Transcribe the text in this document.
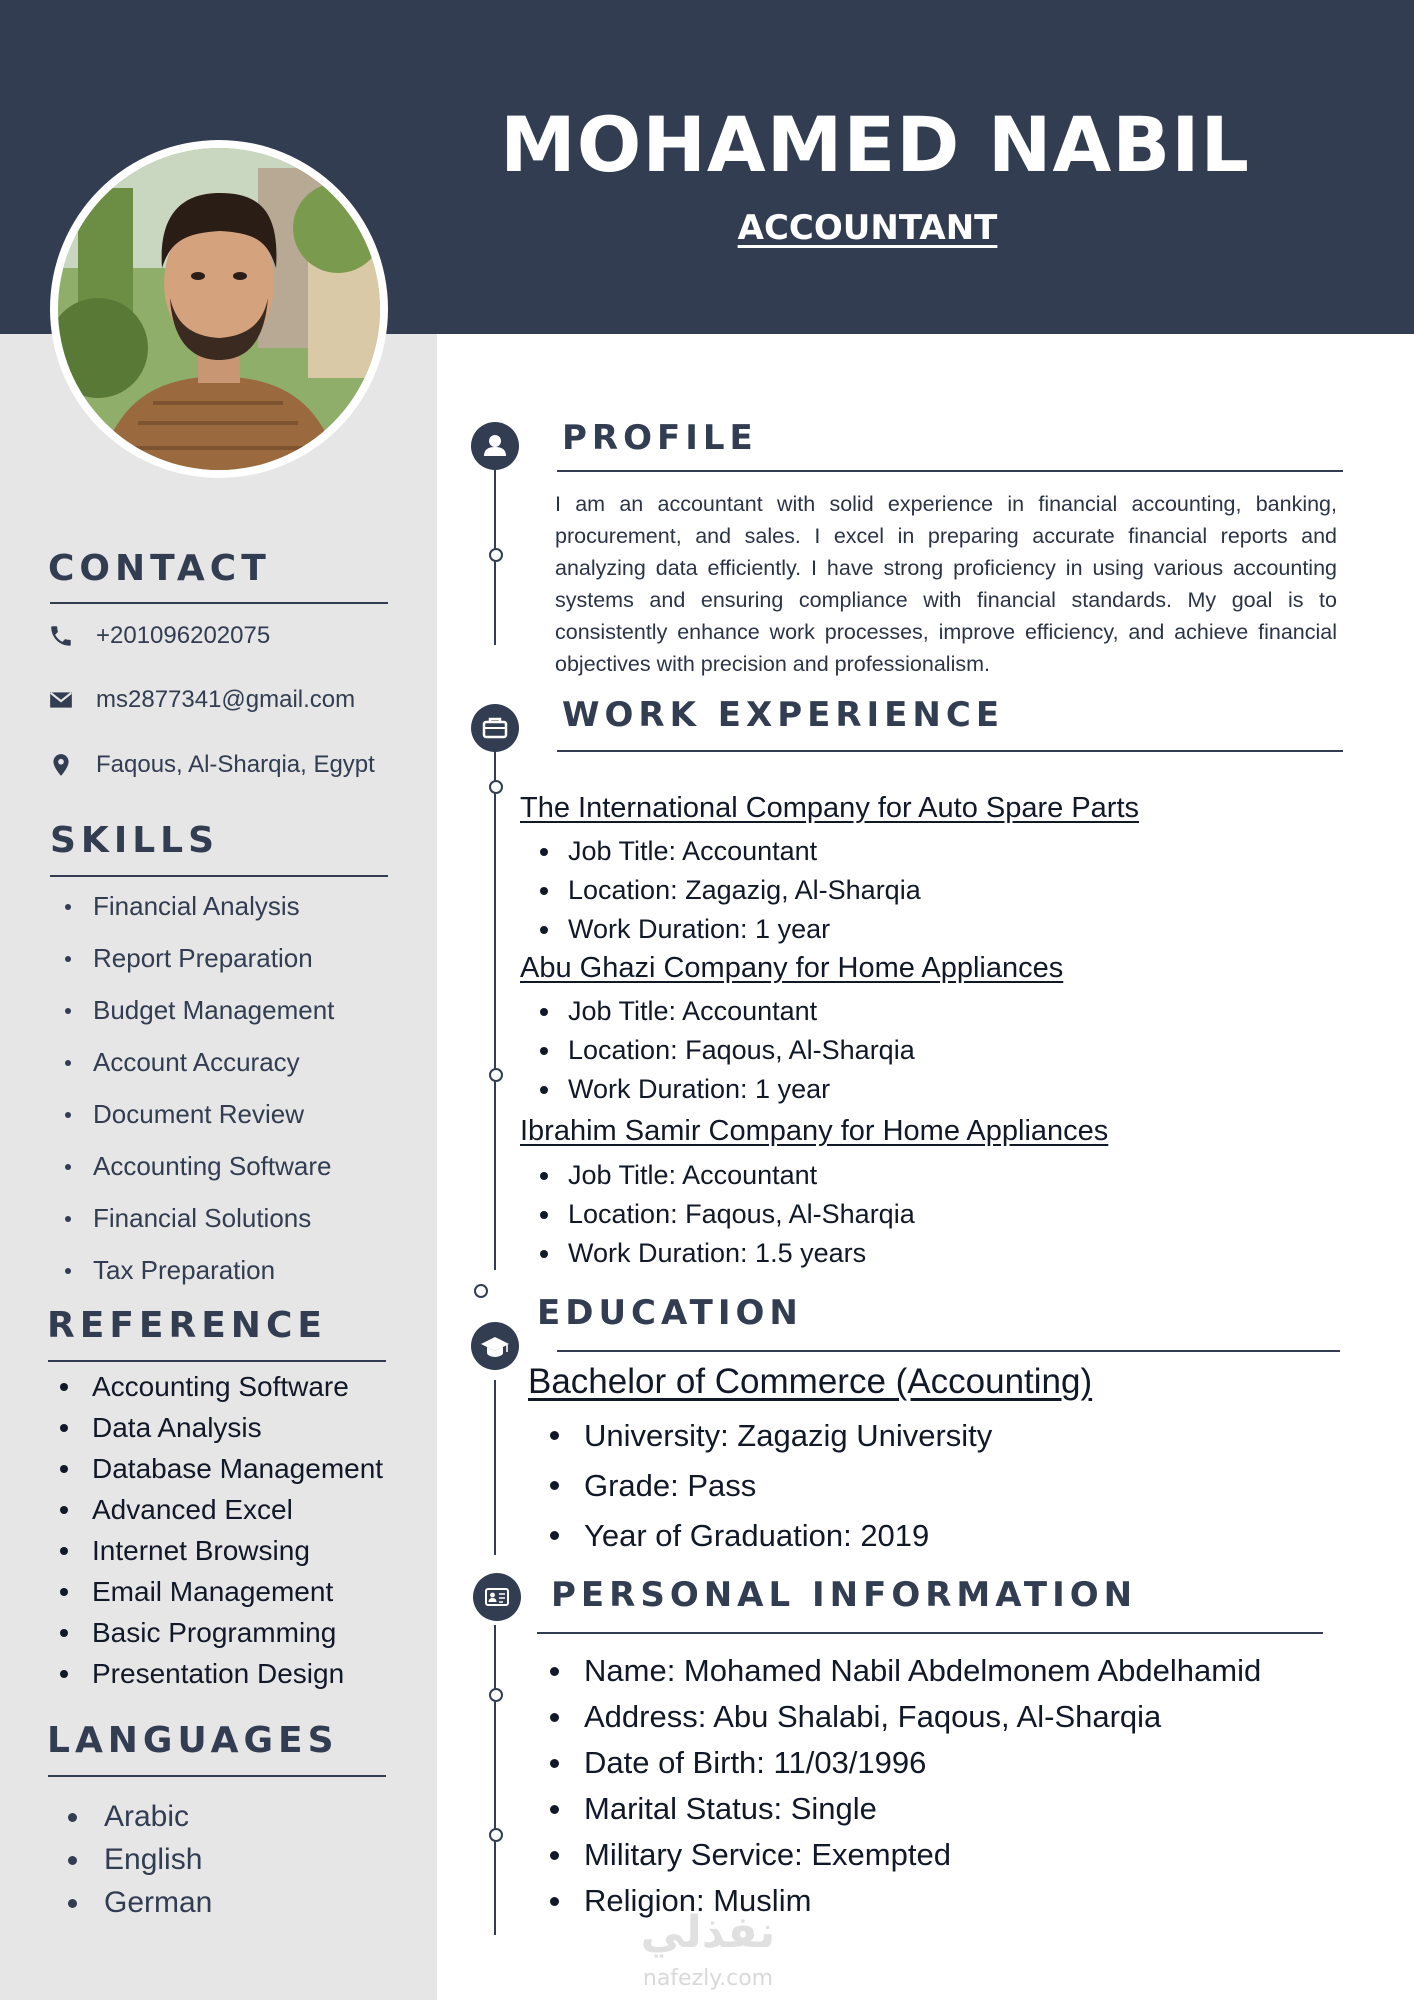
MOHAMED NABIL
ACCOUNTANT
CONTACT
+201096202075
ms2877341@gmail.com
Faqous, Al-Sharqia, Egypt
SKILLS
Financial Analysis
Report Preparation
Budget Management
Account Accuracy
Document Review
Accounting Software
Financial Solutions
Tax Preparation
REFERENCE
Accounting Software
Data Analysis
Database Management
Advanced Excel
Internet Browsing
Email Management
Basic Programming
Presentation Design
LANGUAGES
Arabic
English
German
PROFILE

I am an accountant with solid experience in financial accounting, banking, procurement, and sales. I excel in preparing accurate financial reports and analyzing data efficiently. I have strong proficiency in using various accounting systems and ensuring compliance with financial standards. My goal is to consistently enhance work processes, improve efficiency, and achieve financial objectives with precision and professionalism.

WORK EXPERIENCE
The International Company for Auto Spare Parts
Job Title: Accountant
Location: Zagazig, Al-Sharqia
Work Duration: 1 year
Abu Ghazi Company for Home Appliances
Job Title: Accountant
Location: Faqous, Al-Sharqia
Work Duration: 1 year
Ibrahim Samir Company for Home Appliances
Job Title: Accountant
Location: Faqous, Al-Sharqia
Work Duration: 1.5 years
EDUCATION
Bachelor of Commerce (Accounting)
University: Zagazig University
Grade: Pass
Year of Graduation: 2019
PERSONAL INFORMATION
Name: Mohamed Nabil Abdelmonem Abdelhamid
Address: Abu Shalabi, Faqous, Al-Sharqia
Date of Birth: 11/03/1996
Marital Status: Single
Military Service: Exempted
Religion: Muslim
نفذلي
nafezly.com
